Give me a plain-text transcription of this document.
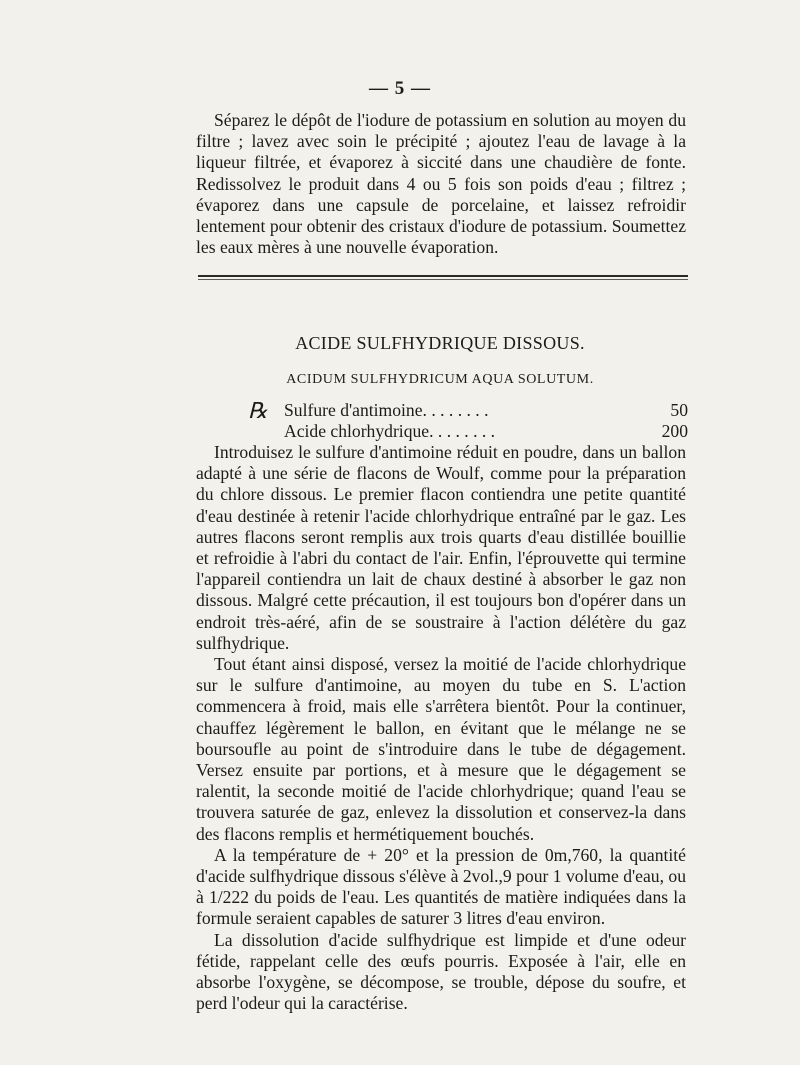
— 5 —

Séparez le dépôt de l'iodure de potassium en solution au moyen du filtre ; lavez avec soin le précipité ; ajoutez l'eau de lavage à la liqueur filtrée, et évaporez à siccité dans une chaudière de fonte. Redissolvez le produit dans 4 ou 5 fois son poids d'eau ; filtrez ; évaporez dans une capsule de porcelaine, et laissez refroidir lentement pour obtenir des cristaux d'iodure de potassium. Soumettez les eaux mères à une nouvelle évaporation.

ACIDE SULFHYDRIQUE DISSOUS.
ACIDUM SULFHYDRICUM AQUA SOLUTUM.
℞ Sulfure d'antimoine. . . . . . . .	50
Acide chlorhydrique. . . . . . . .	200

Introduisez le sulfure d'antimoine réduit en poudre, dans un ballon adapté à une série de flacons de Woulf, comme pour la préparation du chlore dissous. Le premier flacon contiendra une petite quantité d'eau destinée à retenir l'acide chlorhydrique entraîné par le gaz. Les autres flacons seront remplis aux trois quarts d'eau distillée bouillie et refroidie à l'abri du contact de l'air. Enfin, l'éprouvette qui termine l'appareil contiendra un lait de chaux destiné à absorber le gaz non dissous. Malgré cette précaution, il est toujours bon d'opérer dans un endroit très-aéré, afin de se soustraire à l'action délétère du gaz sulfhydrique.

Tout étant ainsi disposé, versez la moitié de l'acide chlorhydrique sur le sulfure d'antimoine, au moyen du tube en S. L'action commencera à froid, mais elle s'arrêtera bientôt. Pour la continuer, chauffez légèrement le ballon, en évitant que le mélange ne se boursoufle au point de s'introduire dans le tube de dégagement. Versez ensuite par portions, et à mesure que le dégagement se ralentit, la seconde moitié de l'acide chlorhydrique; quand l'eau se trouvera saturée de gaz, enlevez la dissolution et conservez-la dans des flacons remplis et hermétiquement bouchés.

A la température de + 20° et la pression de 0m,760, la quantité d'acide sulfhydrique dissous s'élève à 2vol.,9 pour 1 volume d'eau, ou à 1/222 du poids de l'eau. Les quantités de matière indiquées dans la formule seraient capables de saturer 3 litres d'eau environ.

La dissolution d'acide sulfhydrique est limpide et d'une odeur fétide, rappelant celle des œufs pourris. Exposée à l'air, elle en absorbe l'oxygène, se décompose, se trouble, dépose du soufre, et perd l'odeur qui la caractérise.
